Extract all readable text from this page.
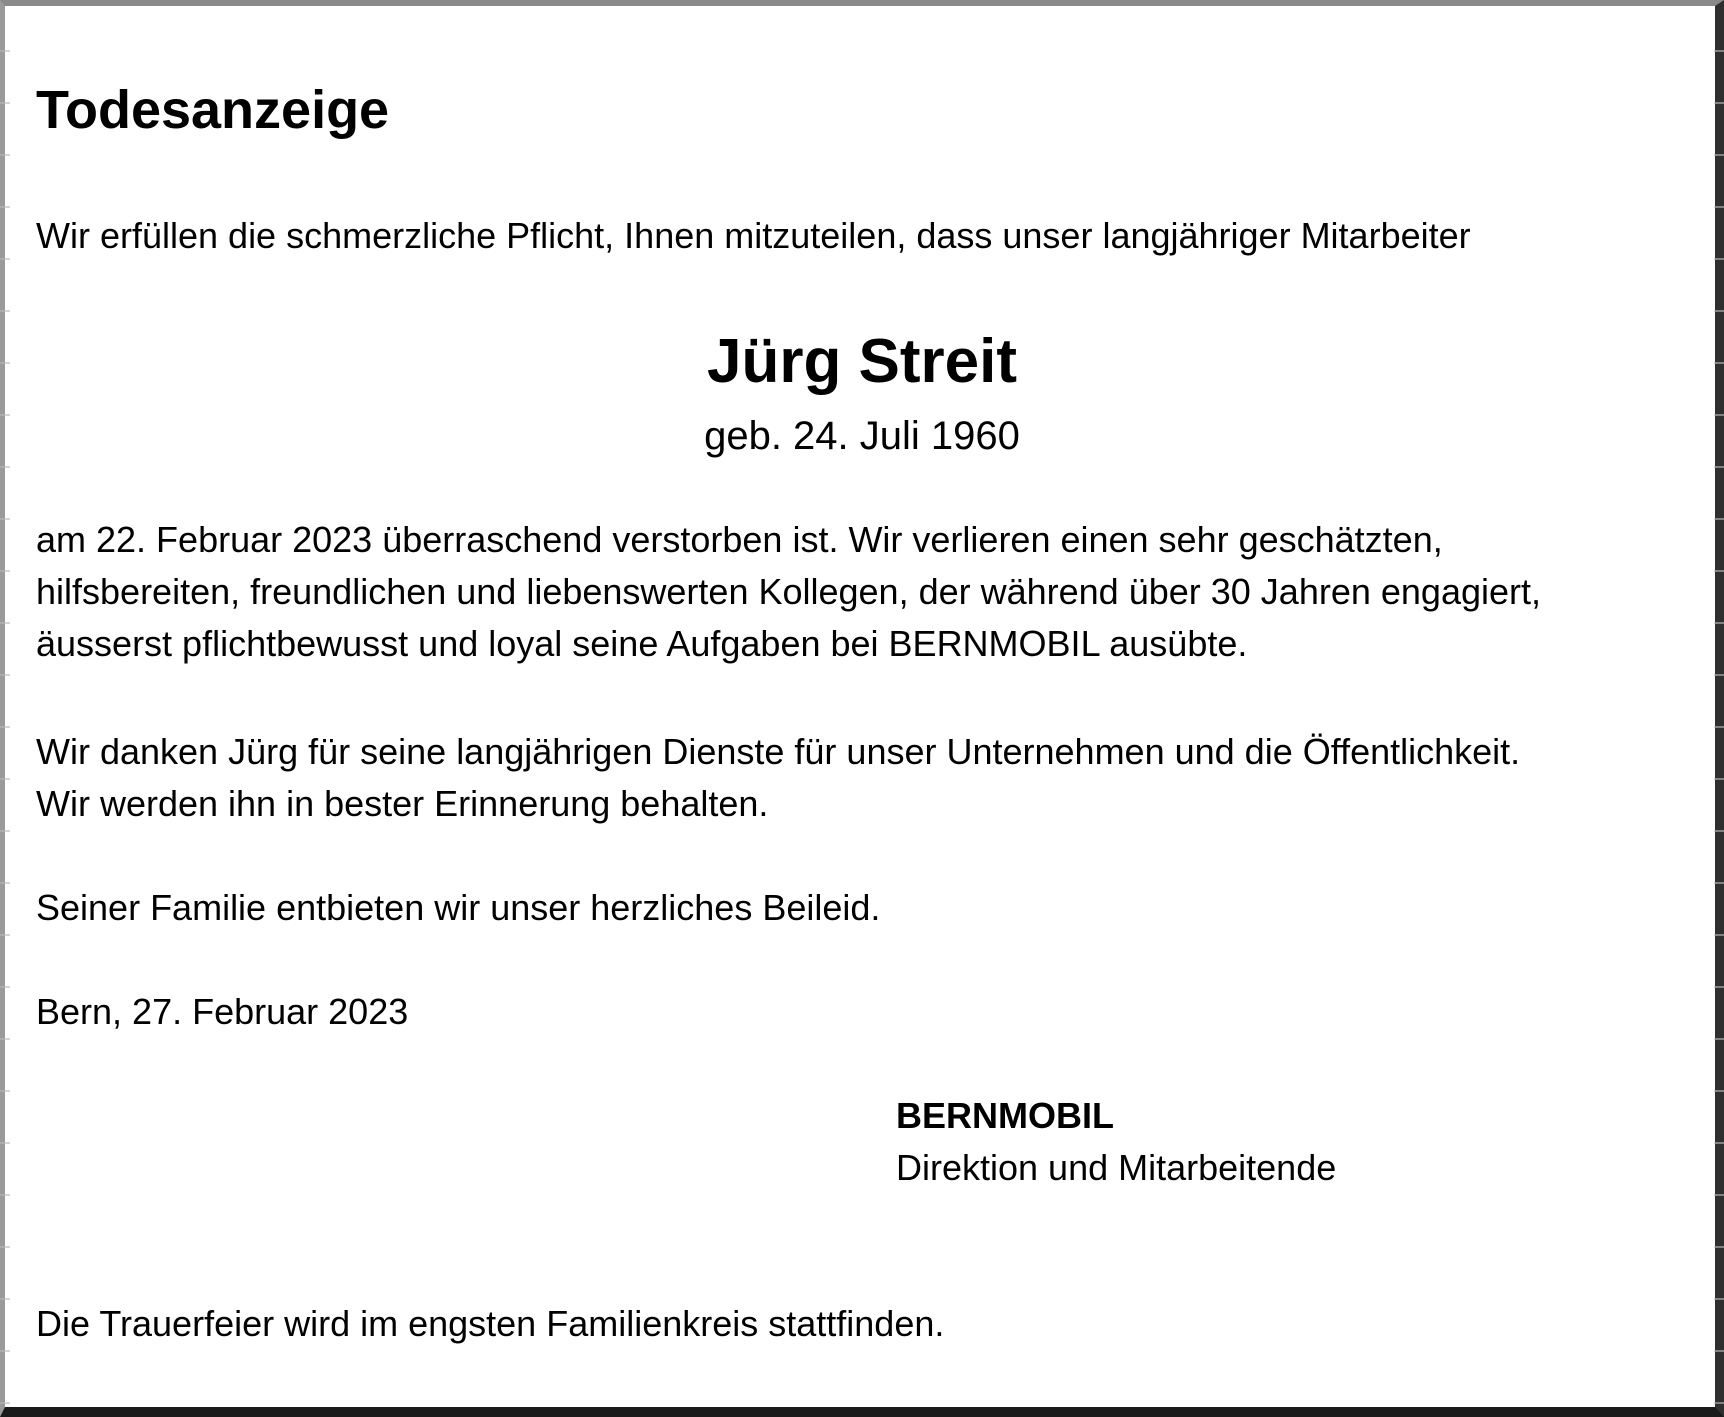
Todesanzeige
Wir erfüllen die schmerzliche Pflicht, Ihnen mitzuteilen, dass unser langjähriger Mitarbeiter
Jürg Streit
geb. 24. Juli 1960
am 22. Februar 2023 überraschend verstorben ist. Wir verlieren einen sehr geschätzten,
hilfsbereiten, freundlichen und liebenswerten Kollegen, der während über 30 Jahren engagiert,
äusserst pflichtbewusst und loyal seine Aufgaben bei BERNMOBIL ausübte.
Wir danken Jürg für seine langjährigen Dienste für unser Unternehmen und die Öffentlichkeit.
Wir werden ihn in bester Erinnerung behalten.
Seiner Familie entbieten wir unser herzliches Beileid.
Bern, 27. Februar 2023
BERNMOBIL
Direktion und Mitarbeitende
Die Trauerfeier wird im engsten Familienkreis stattfinden.
